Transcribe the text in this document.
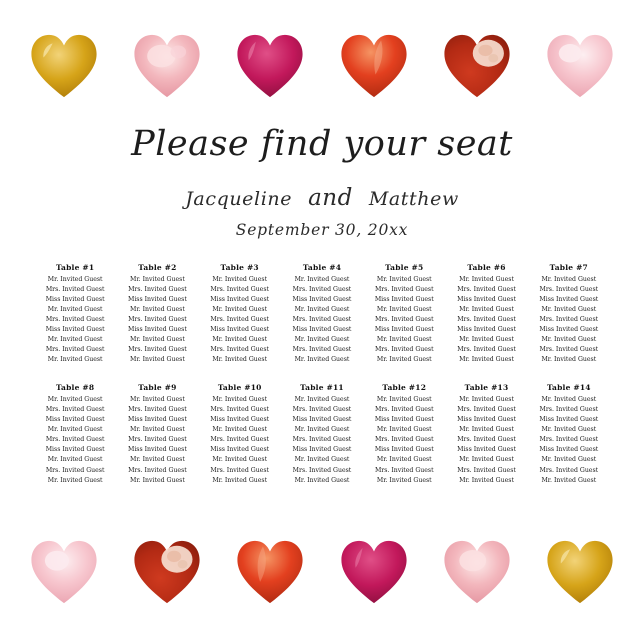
Please find your seat
Jacqueline and Matthew
September 30, 20xx
Table #1
Mr. Invited Guest
Mrs. Invited Guest
Miss Invited Guest
Mr. Invited Guest
Mrs. Invited Guest
Miss Invited Guest
Mr. Invited Guest
Mrs. Invited Guest
Mr. Invited Guest
Table #2
Mr. Invited Guest
Mrs. Invited Guest
Miss Invited Guest
Mr. Invited Guest
Mrs. Invited Guest
Miss Invited Guest
Mr. Invited Guest
Mrs. Invited Guest
Mr. Invited Guest
Table #3
Mr. Invited Guest
Mrs. Invited Guest
Miss Invited Guest
Mr. Invited Guest
Mrs. Invited Guest
Miss Invited Guest
Mr. Invited Guest
Mrs. Invited Guest
Mr. Invited Guest
Table #4
Mr. Invited Guest
Mrs. Invited Guest
Miss Invited Guest
Mr. Invited Guest
Mrs. Invited Guest
Miss Invited Guest
Mr. Invited Guest
Mrs. Invited Guest
Mr. Invited Guest
Table #5
Mr. Invited Guest
Mrs. Invited Guest
Miss Invited Guest
Mr. Invited Guest
Mrs. Invited Guest
Miss Invited Guest
Mr. Invited Guest
Mrs. Invited Guest
Mr. Invited Guest
Table #6
Mr. Invited Guest
Mrs. Invited Guest
Miss Invited Guest
Mr. Invited Guest
Mrs. Invited Guest
Miss Invited Guest
Mr. Invited Guest
Mrs. Invited Guest
Mr. Invited Guest
Table #7
Mr. Invited Guest
Mrs. Invited Guest
Miss Invited Guest
Mr. Invited Guest
Mrs. Invited Guest
Miss Invited Guest
Mr. Invited Guest
Mrs. Invited Guest
Mr. Invited Guest
Table #8
Mr. Invited Guest
Mrs. Invited Guest
Miss Invited Guest
Mr. Invited Guest
Mrs. Invited Guest
Miss Invited Guest
Mr. Invited Guest
Mrs. Invited Guest
Mr. Invited Guest
Table #9
Mr. Invited Guest
Mrs. Invited Guest
Miss Invited Guest
Mr. Invited Guest
Mrs. Invited Guest
Miss Invited Guest
Mr. Invited Guest
Mrs. Invited Guest
Mr. Invited Guest
Table #10
Mr. Invited Guest
Mrs. Invited Guest
Miss Invited Guest
Mr. Invited Guest
Mrs. Invited Guest
Miss Invited Guest
Mr. Invited Guest
Mrs. Invited Guest
Mr. Invited Guest
Table #11
Mr. Invited Guest
Mrs. Invited Guest
Miss Invited Guest
Mr. Invited Guest
Mrs. Invited Guest
Miss Invited Guest
Mr. Invited Guest
Mrs. Invited Guest
Mr. Invited Guest
Table #12
Mr. Invited Guest
Mrs. Invited Guest
Miss Invited Guest
Mr. Invited Guest
Mrs. Invited Guest
Miss Invited Guest
Mr. Invited Guest
Mrs. Invited Guest
Mr. Invited Guest
Table #13
Mr. Invited Guest
Mrs. Invited Guest
Miss Invited Guest
Mr. Invited Guest
Mrs. Invited Guest
Miss Invited Guest
Mr. Invited Guest
Mrs. Invited Guest
Mr. Invited Guest
Table #14
Mr. Invited Guest
Mrs. Invited Guest
Miss Invited Guest
Mr. Invited Guest
Mrs. Invited Guest
Miss Invited Guest
Mr. Invited Guest
Mrs. Invited Guest
Mr. Invited Guest
